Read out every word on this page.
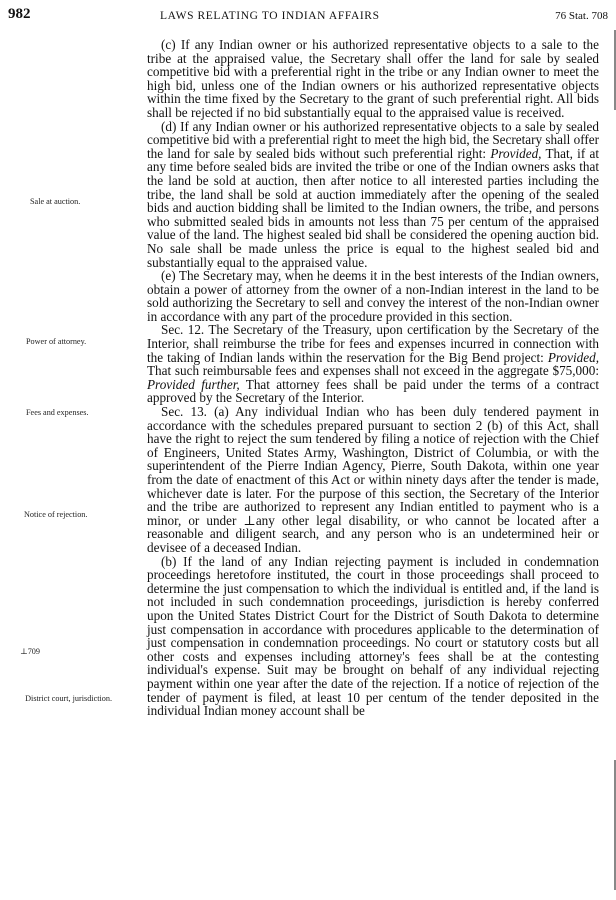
982	LAWS RELATING TO INDIAN AFFAIRS	76 Stat. 708
Sale at auction.
Power of attorney.
Fees and expenses.
Notice of rejection.
⊥709
District court, jurisdiction.

(c) If any Indian owner or his authorized representative objects to a sale to the tribe at the appraised value, the Secretary shall offer the land for sale by sealed competitive bid with a preferential right in the tribe or any Indian owner to meet the high bid, unless one of the Indian owners or his authorized representative objects within the time fixed by the Secretary to the grant of such preferential right. All bids shall be rejected if no bid substantially equal to the appraised value is received.

(d) If any Indian owner or his authorized representative objects to a sale by sealed competitive bid with a preferential right to meet the high bid, the Secretary shall offer the land for sale by sealed bids without such preferential right: Provided, That, if at any time before sealed bids are invited the tribe or one of the Indian owners asks that the land be sold at auction, then after notice to all interested parties including the tribe, the land shall be sold at auction immediately after the opening of the sealed bids and auction bidding shall be limited to the Indian owners, the tribe, and persons who submitted sealed bids in amounts not less than 75 per centum of the appraised value of the land. The highest sealed bid shall be considered the opening auction bid. No sale shall be made unless the price is equal to the highest sealed bid and substantially equal to the appraised value.

(e) The Secretary may, when he deems it in the best interests of the Indian owners, obtain a power of attorney from the owner of a non-Indian interest in the land to be sold authorizing the Secretary to sell and convey the interest of the non-Indian owner in accordance with any part of the procedure provided in this section.

Sec. 12. The Secretary of the Treasury, upon certification by the Secretary of the Interior, shall reimburse the tribe for fees and expenses incurred in connection with the taking of Indian lands within the reservation for the Big Bend project: Provided, That such reimbursable fees and expenses shall not exceed in the aggregate $75,000: Provided further, That attorney fees shall be paid under the terms of a contract approved by the Secretary of the Interior.

Sec. 13. (a) Any individual Indian who has been duly tendered payment in accordance with the schedules prepared pursuant to section 2 (b) of this Act, shall have the right to reject the sum tendered by filing a notice of rejection with the Chief of Engineers, United States Army, Washington, District of Columbia, or with the superintendent of the Pierre Indian Agency, Pierre, South Dakota, within one year from the date of enactment of this Act or within ninety days after the tender is made, whichever date is later. For the purpose of this section, the Secretary of the Interior and the tribe are authorized to represent any Indian entitled to payment who is a minor, or under ⊥any other legal disability, or who cannot be located after a reasonable and diligent search, and any person who is an undetermined heir or devisee of a deceased Indian.

(b) If the land of any Indian rejecting payment is included in condemnation proceedings heretofore instituted, the court in those proceedings shall proceed to determine the just compensation to which the individual is entitled and, if the land is not included in such condemnation proceedings, jurisdiction is hereby conferred upon the United States District Court for the District of South Dakota to determine just compensation in accordance with procedures applicable to the determination of just compensation in condemnation proceedings. No court or statutory costs but all other costs and expenses including attorney's fees shall be at the contesting individual's expense. Suit may be brought on behalf of any individual rejecting payment within one year after the date of the rejection. If a notice of rejection of the tender of payment is filed, at least 10 per centum of the tender deposited in the individual Indian money account shall be
